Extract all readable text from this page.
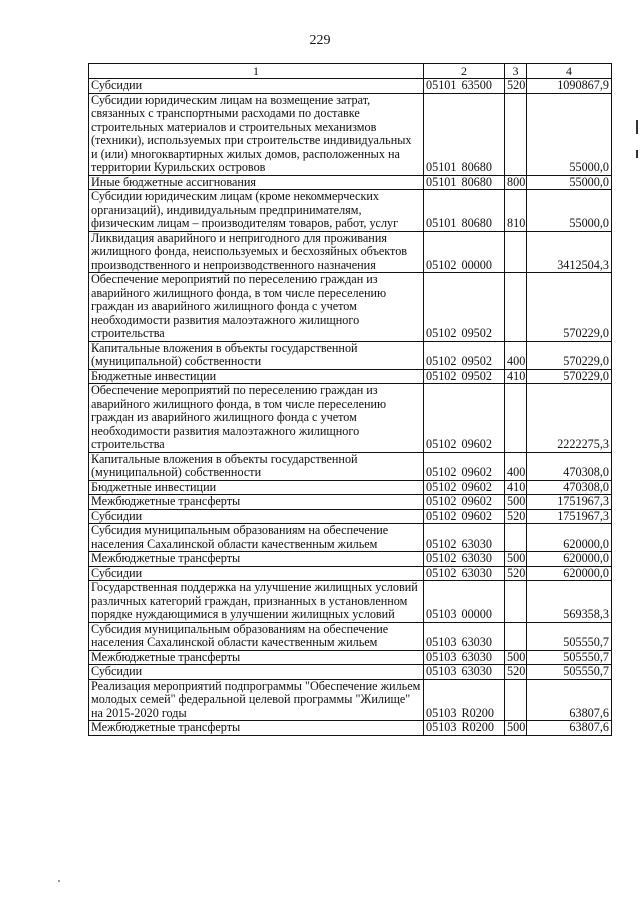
229
1	2	3	4
Субсидии	05101 63500	520	1090867,9
Субсидии юридическим лицам на возмещение затрат, связанных с транспортными расходами по доставке строительных материалов и строительных механизмов (техники), используемых при строительстве индивидуальных и (или) многоквартирных жилых домов, расположенных на территории Курильских островов	05101 80680		55000,0
Иные бюджетные ассигнования	05101 80680	800	55000,0
Субсидии юридическим лицам (кроме некоммерческих организаций), индивидуальным предпринимателям, физическим лицам – производителям товаров, работ, услуг	05101 80680	810	55000,0
Ликвидация аварийного и непригодного для проживания жилищного фонда, неиспользуемых и бесхозяйных объектов производственного и непроизводственного назначения	05102 00000		3412504,3
Обеспечение мероприятий по переселению граждан из аварийного жилищного фонда, в том числе переселению граждан из аварийного жилищного фонда с учетом необходимости развития малоэтажного жилищного строительства	05102 09502		570229,0
Капитальные вложения в объекты государственной (муниципальной) собственности	05102 09502	400	570229,0
Бюджетные инвестиции	05102 09502	410	570229,0
Обеспечение мероприятий по переселению граждан из аварийного жилищного фонда, в том числе переселению граждан из аварийного жилищного фонда с учетом необходимости развития малоэтажного жилищного строительства	05102 09602		2222275,3
Капитальные вложения в объекты государственной (муниципальной) собственности	05102 09602	400	470308,0
Бюджетные инвестиции	05102 09602	410	470308,0
Межбюджетные трансферты	05102 09602	500	1751967,3
Субсидии	05102 09602	520	1751967,3
Субсидия муниципальным образованиям на обеспечение населения Сахалинской области качественным жильем	05102 63030		620000,0
Межбюджетные трансферты	05102 63030	500	620000,0
Субсидии	05102 63030	520	620000,0
Государственная поддержка на улучшение жилищных условий различных категорий граждан, признанных в установленном порядке нуждающимися в улучшении жилищных условий	05103 00000		569358,3
Субсидия муниципальным образованиям на обеспечение населения Сахалинской области качественным жильем	05103 63030		505550,7
Межбюджетные трансферты	05103 63030	500	505550,7
Субсидии	05103 63030	520	505550,7
Реализация мероприятий подпрограммы "Обеспечение жильем молодых семей" федеральной целевой программы "Жилище" на 2015-2020 годы	05103 R0200		63807,6
Межбюджетные трансферты	05103 R0200	500	63807,6
